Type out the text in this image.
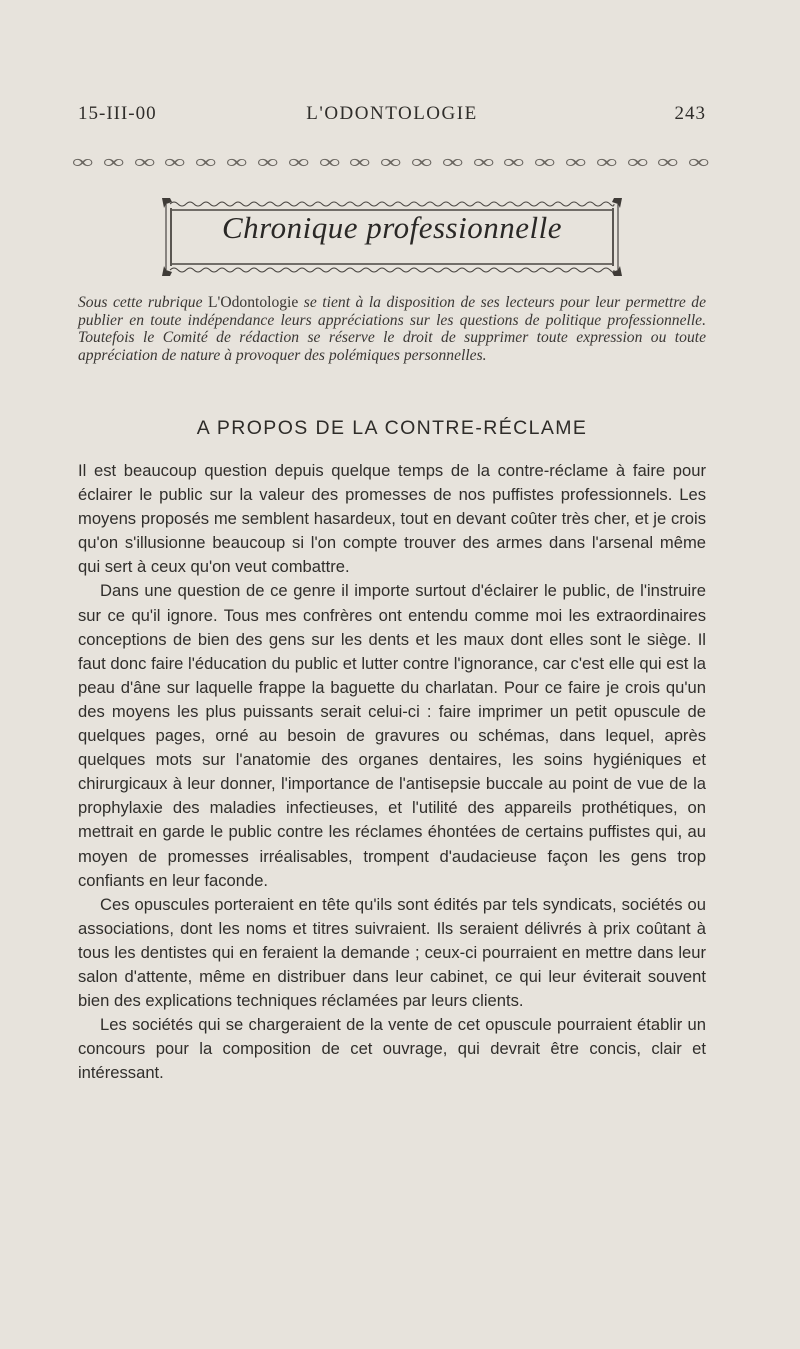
15-III-00	L'ODONTOLOGIE	243
∞ ∞ ∞ ∞ ∞ ∞ ∞ ∞ ∞ ∞ ∞ ∞ ∞ ∞ ∞ ∞ ∞ ∞ ∞ ∞ ∞
Chronique professionnelle
Sous cette rubrique L'Odontologie se tient à la disposition de ses lecteurs pour leur permettre de publier en toute indépendance leurs appréciations sur les questions de politique professionnelle. Toutefois le Comité de rédaction se réserve le droit de supprimer toute expression ou toute appréciation de nature à provoquer des polémiques personnelles.
A PROPOS DE LA CONTRE-RÉCLAME

Il est beaucoup question depuis quelque temps de la contre-réclame à faire pour éclairer le public sur la valeur des promesses de nos puffistes professionnels. Les moyens proposés me semblent hasardeux, tout en devant coûter très cher, et je crois qu'on s'illusionne beaucoup si l'on compte trouver des armes dans l'arsenal même qui sert à ceux qu'on veut combattre.

Dans une question de ce genre il importe surtout d'éclairer le public, de l'instruire sur ce qu'il ignore. Tous mes confrères ont entendu comme moi les extraordinaires conceptions de bien des gens sur les dents et les maux dont elles sont le siège. Il faut donc faire l'éducation du public et lutter contre l'ignorance, car c'est elle qui est la peau d'âne sur laquelle frappe la baguette du charlatan. Pour ce faire je crois qu'un des moyens les plus puissants serait celui-ci : faire imprimer un petit opuscule de quelques pages, orné au besoin de gravures ou schémas, dans lequel, après quelques mots sur l'anatomie des organes dentaires, les soins hygiéniques et chirurgicaux à leur donner, l'importance de l'antisepsie buccale au point de vue de la prophylaxie des maladies infectieuses, et l'utilité des appareils prothétiques, on mettrait en garde le public contre les réclames éhontées de certains puffistes qui, au moyen de promesses irréalisables, trompent d'audacieuse façon les gens trop confiants en leur faconde.

Ces opuscules porteraient en tête qu'ils sont édités par tels syndicats, sociétés ou associations, dont les noms et titres suivraient. Ils seraient délivrés à prix coûtant à tous les dentistes qui en feraient la demande ; ceux-ci pourraient en mettre dans leur salon d'attente, même en distribuer dans leur cabinet, ce qui leur éviterait souvent bien des explications techniques réclamées par leurs clients.

Les sociétés qui se chargeraient de la vente de cet opuscule pourraient établir un concours pour la composition de cet ouvrage, qui devrait être concis, clair et intéressant.
